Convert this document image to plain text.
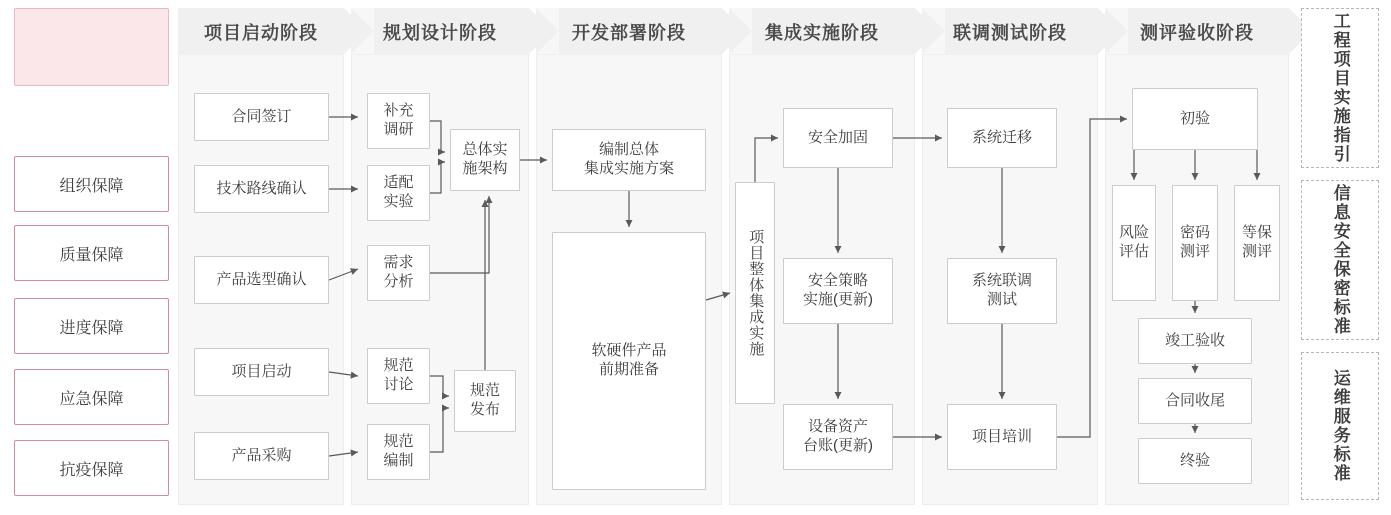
组织保障
质量保障
进度保障
应急保障
抗疫保障
项目启动阶段	规划设计阶段	开发部署阶段	集成实施阶段	联调测试阶段	测评验收阶段
合同签订
技术路线确认
产品选型确认
项目启动
产品采购
补充
调研
适配
实验
需求
分析
规范
讨论
规范
编制
总体实
施架构
规范
发布
编制总体
集成实施方案
软硬件产品
前期准备
项目整体集成实施
安全加固
安全策略
实施(更新)
设备资产
台账(更新)
系统迁移
系统联调
测试
项目培训
初验
风险
评估
密码
测评
等保
测评
竣工验收
合同收尾
终验
工程项目实施指引
信息安全保密标准
运维服务标准
